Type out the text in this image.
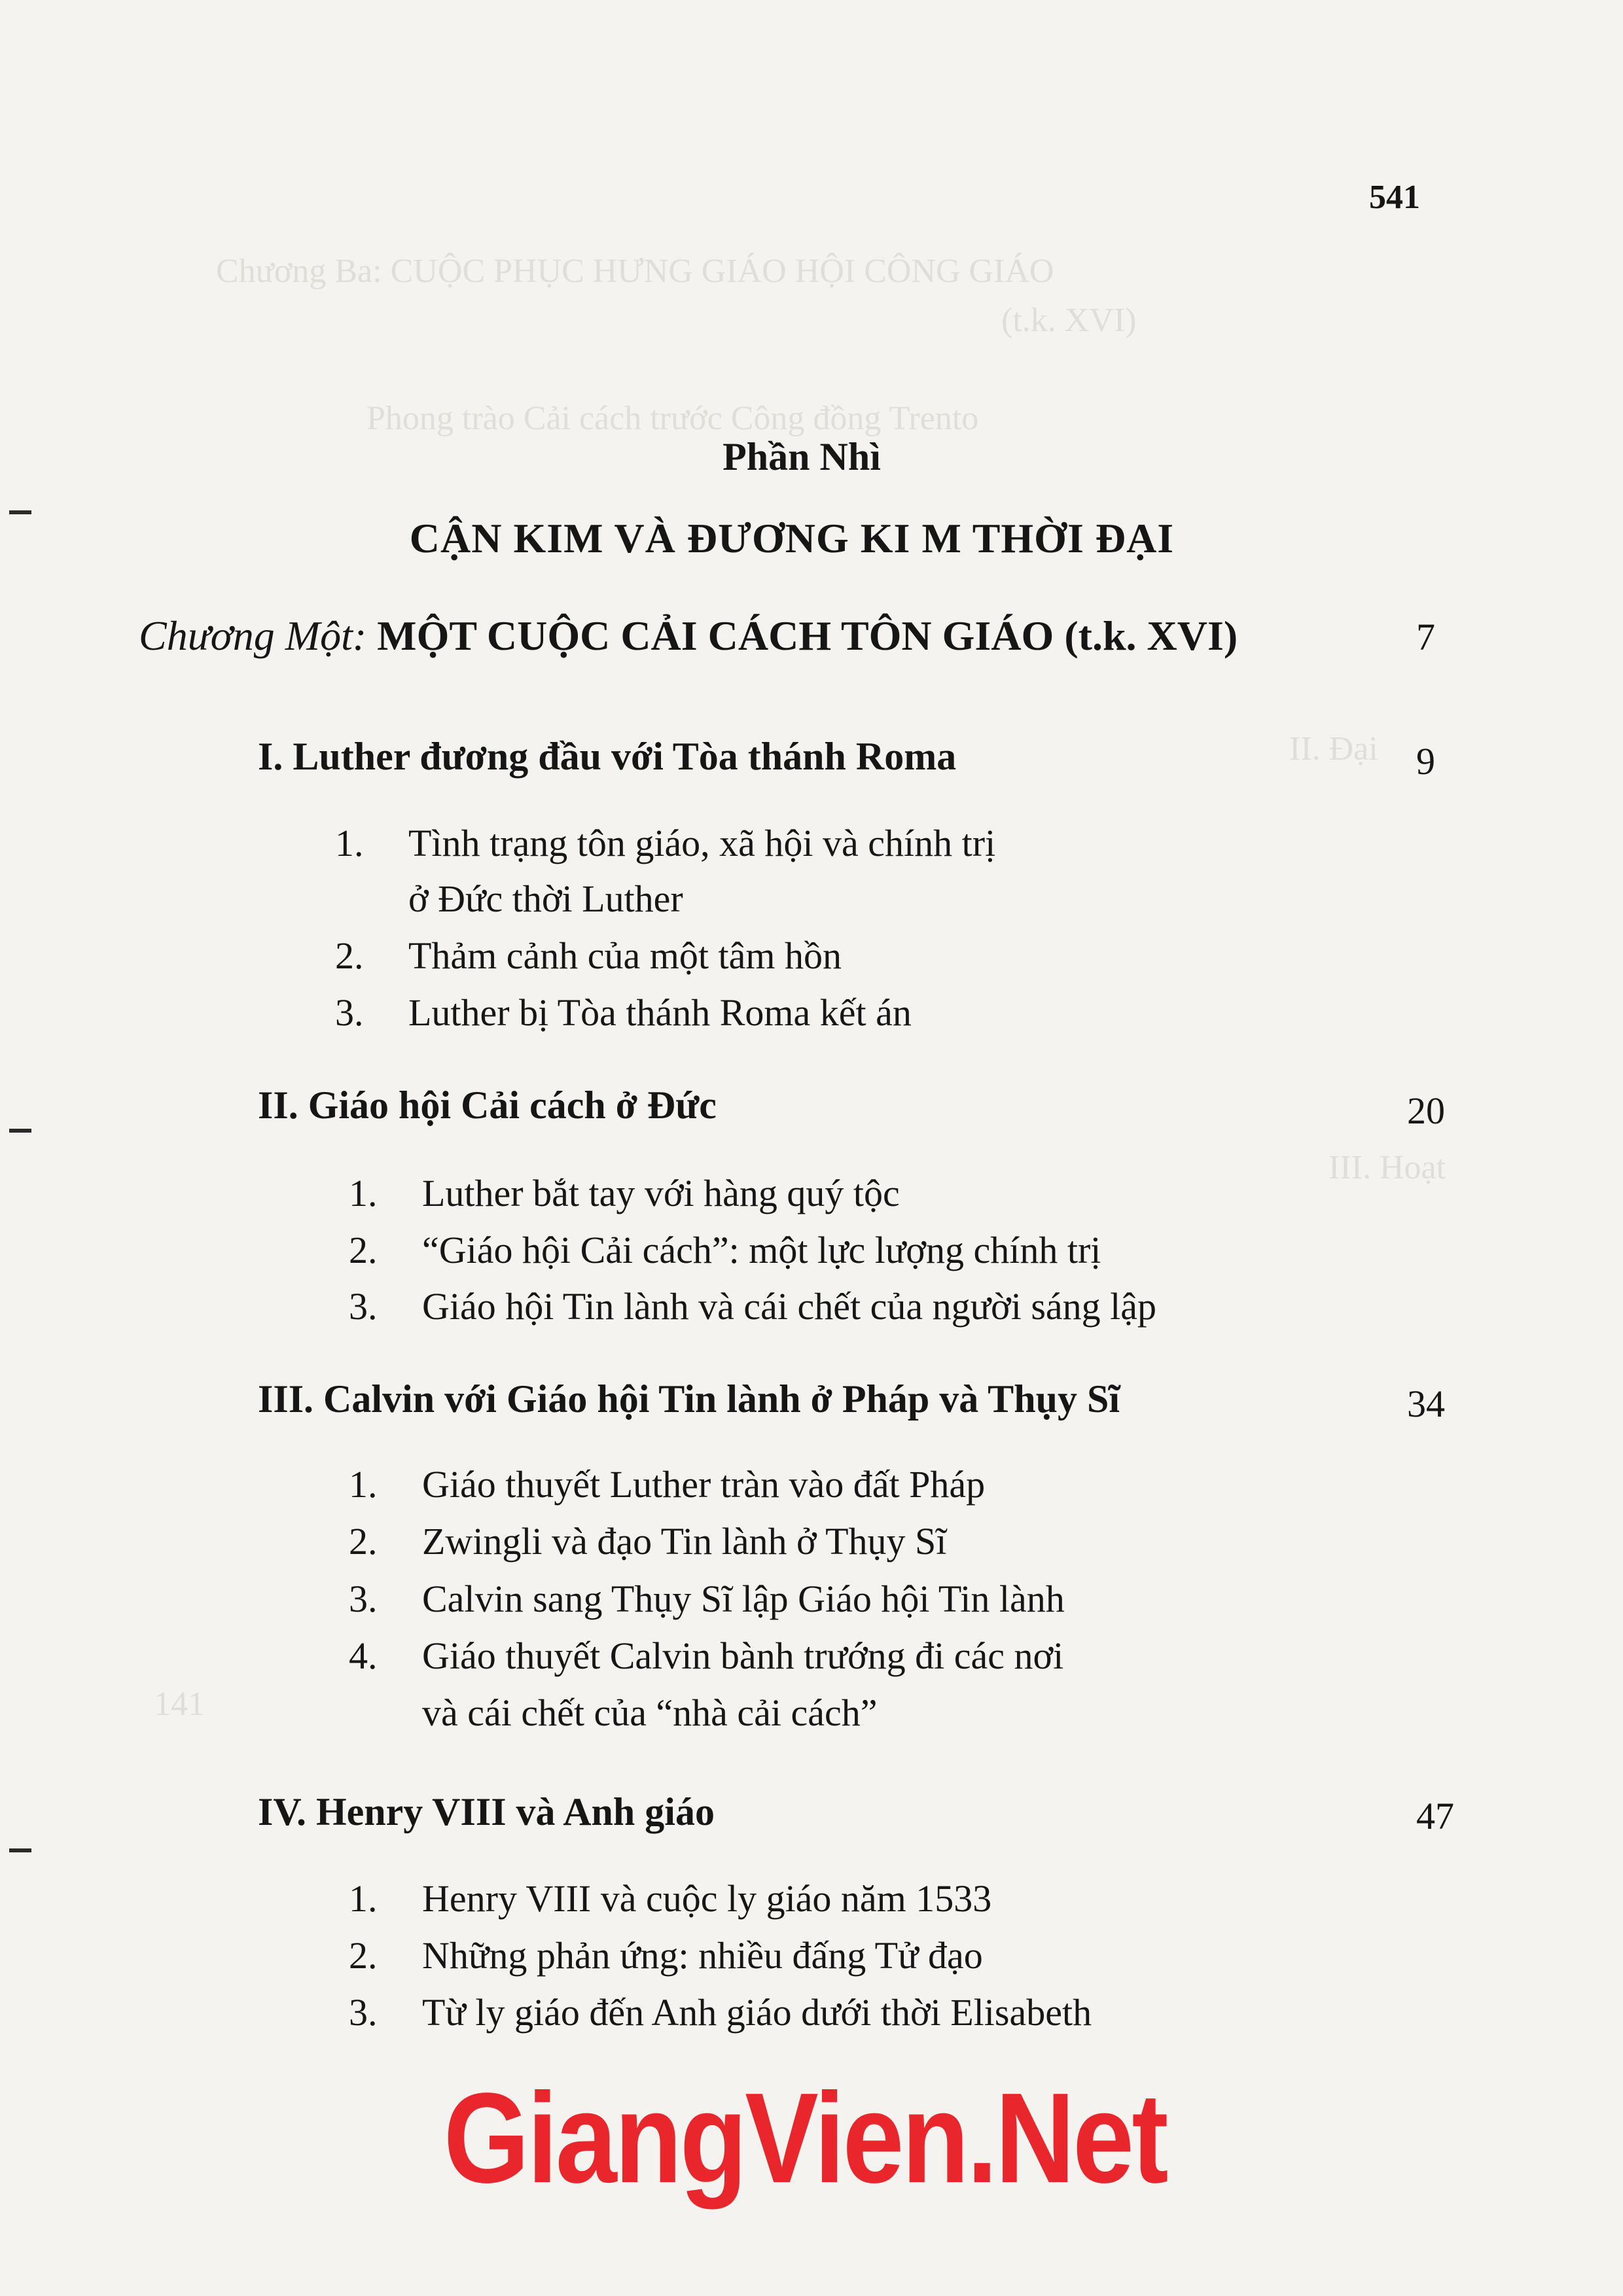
Chương Ba: CUỘC PHỤC HƯNG GIÁO HỘI CÔNG GIÁO
(t.k. XVI)
Phong trào Cải cách trước Công đồng Trento
II. Đại
III. Hoạt
141
541
Phần Nhì
CẬN KIM VÀ ĐƯƠNG KI M THỜI ĐẠI
Chương Một: MỘT CUỘC CẢI CÁCH TÔN GIÁO (t.k. XVI)	7
I. Luther đương đầu với Tòa thánh Roma	9
1. Tình trạng tôn giáo, xã hội và chính trị
ở Đức thời Luther
2. Thảm cảnh của một tâm hồn
3. Luther bị Tòa thánh Roma kết án
II. Giáo hội Cải cách ở Đức	20
1. Luther bắt tay với hàng quý tộc
2. “Giáo hội Cải cách”: một lực lượng chính trị
3. Giáo hội Tin lành và cái chết của người sáng lập
III. Calvin với Giáo hội Tin lành ở Pháp và Thụy Sĩ	34
1. Giáo thuyết Luther tràn vào đất Pháp
2. Zwingli và đạo Tin lành ở Thụy Sĩ
3. Calvin sang Thụy Sĩ lập Giáo hội Tin lành
4. Giáo thuyết Calvin bành trướng đi các nơi
và cái chết của “nhà cải cách”
IV. Henry VIII và Anh giáo	47
1. Henry VIII và cuộc ly giáo năm 1533
2. Những phản ứng: nhiều đấng Tử đạo
3. Từ ly giáo đến Anh giáo dưới thời Elisabeth
GiangVien.Net
